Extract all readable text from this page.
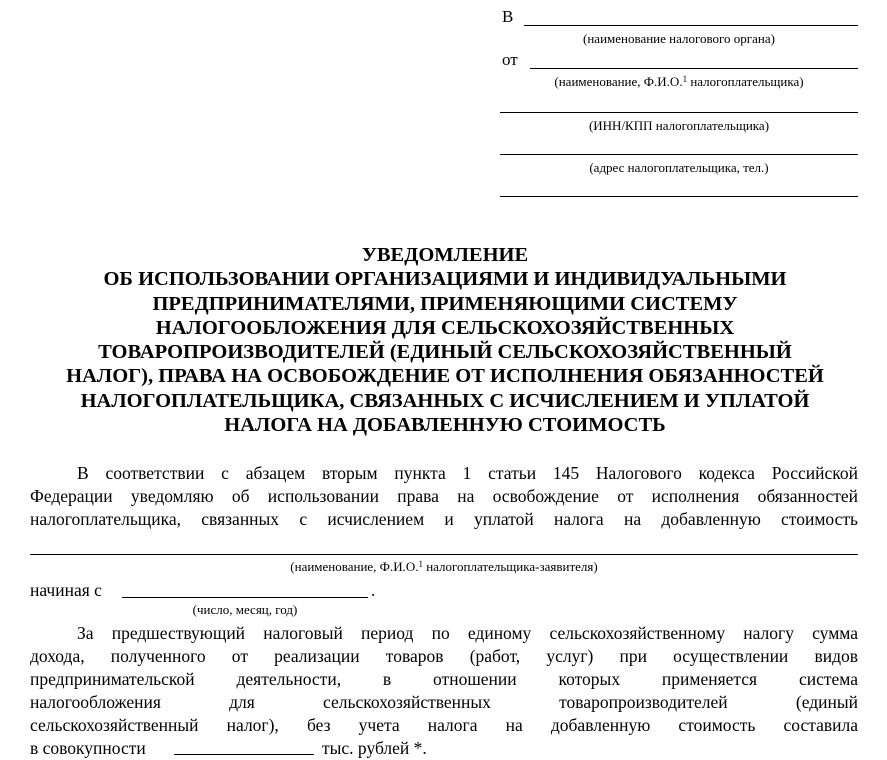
В
(наименование налогового органа)
от
(наименование, Ф.И.О.$^1$ налогоплательщика)
(ИНН/КПП налогоплательщика)
(адрес налогоплательщика, тел.)
УВЕДОМЛЕНИЕ
ОБ ИСПОЛЬЗОВАНИИ ОРГАНИЗАЦИЯМИ И ИНДИВИДУАЛЬНЫМИ
ПРЕДПРИНИМАТЕЛЯМИ, ПРИМЕНЯЮЩИМИ СИСТЕМУ
НАЛОГООБЛОЖЕНИЯ ДЛЯ СЕЛЬСКОХОЗЯЙСТВЕННЫХ
ТОВАРОПРОИЗВОДИТЕЛЕЙ (ЕДИНЫЙ СЕЛЬСКОХОЗЯЙСТВЕННЫЙ
НАЛОГ), ПРАВА НА ОСВОБОЖДЕНИЕ ОТ ИСПОЛНЕНИЯ ОБЯЗАННОСТЕЙ
НАЛОГОПЛАТЕЛЬЩИКА, СВЯЗАННЫХ С ИСЧИСЛЕНИЕМ И УПЛАТОЙ
НАЛОГА НА ДОБАВЛЕННУЮ СТОИМОСТЬ
В соответствии с абзацем вторым пункта 1 статьи 145 Налогового кодекса Российской
Федерации уведомляю об использовании права на освобождение от исполнения обязанностей
налогоплательщика, связанных с исчислением и уплатой налога на добавленную стоимость
(наименование, Ф.И.О.$^1$ налогоплательщика-заявителя)
начиная с	.
(число, месяц, год)
За предшествующий налоговый период по единому сельскохозяйственному налогу сумма
дохода, полученного от реализации товаров (работ, услуг) при осуществлении видов
предпринимательской деятельности, в отношении которых применяется система
налогообложения для сельскохозяйственных товаропроизводителей (единый
сельскохозяйственный налог), без учета налога на добавленную стоимость составила
в совокупности	тыс. рублей *.
